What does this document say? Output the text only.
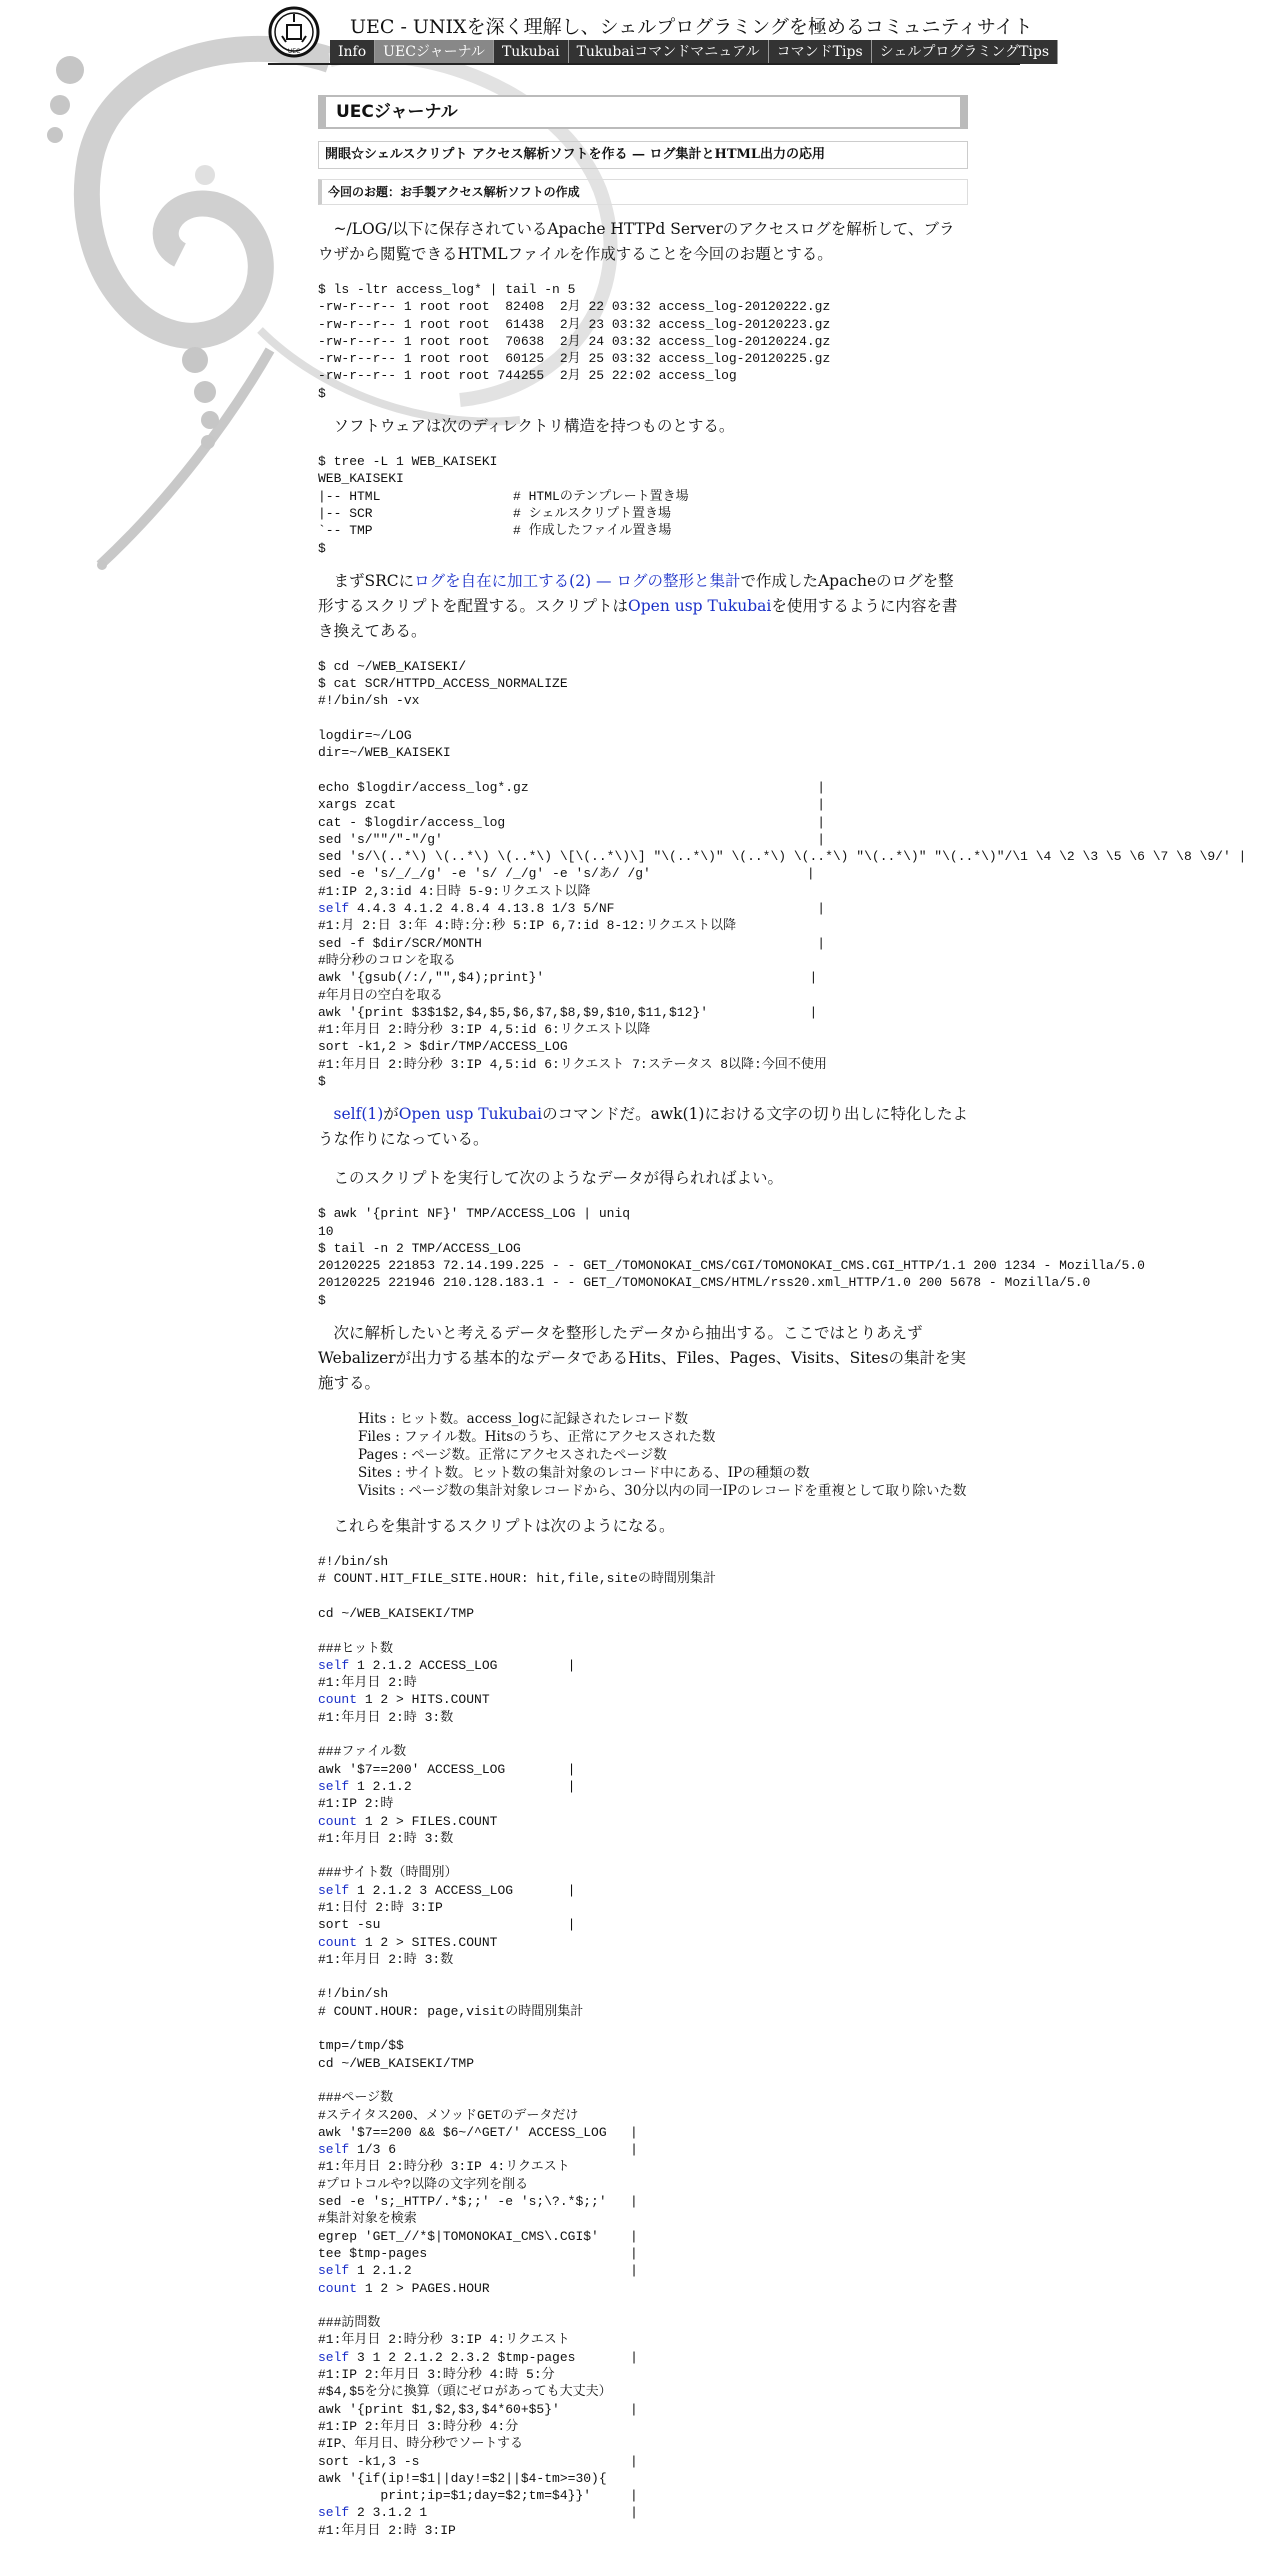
UEC
UEC - UNIXを深く理解し、シェルプログラミングを極めるコミュニティサイト
Info	UECジャーナル	Tukubai	Tukubaiコマンドマニュアル	コマンドTips	シェルプログラミングTips
UECジャーナル
開眼☆シェルスクリプト アクセス解析ソフトを作る — ログ集計とHTML出力の応用
今回のお題：お手製アクセス解析ソフトの作成

~/LOG/以下に保存されているApache HTTPd Serverのアクセスログを解析して、ブラウザから閲覧できるHTMLファイルを作成することを今回のお題とする。

$ ls -ltr access_log* | tail -n 5
-rw-r--r-- 1 root root  82408  2月 22 03:32 access_log-20120222.gz
-rw-r--r-- 1 root root  61438  2月 23 03:32 access_log-20120223.gz
-rw-r--r-- 1 root root  70638  2月 24 03:32 access_log-20120224.gz
-rw-r--r-- 1 root root  60125  2月 25 03:32 access_log-20120225.gz
-rw-r--r-- 1 root root 744255  2月 25 22:02 access_log
$

ソフトウェアは次のディレクトリ構造を持つものとする。

$ tree -L 1 WEB_KAISEKI
WEB_KAISEKI
|-- HTML                 # HTMLのテンプレート置き場
|-- SCR                  # シェルスクリプト置き場
`-- TMP                  # 作成したファイル置き場
$

まずSRCにログを自在に加工する(2) — ログの整形と集計で作成したApacheのログを整形するスクリプトを配置する。スクリプトはOpen usp Tukubaiを使用するように内容を書き換えてある。

$ cd ~/WEB_KAISEKI/
$ cat SCR/HTTPD_ACCESS_NORMALIZE
#!/bin/sh -vx
logdir=~/LOG
dir=~/WEB_KAISEKI
echo $logdir/access_log*.gz                                     |
xargs zcat                                                      |
cat - $logdir/access_log                                        |
sed 's/""/"-"/g'                                                |
sed 's/\(..*\) \(..*\) \(..*\) \[\(..*\)\] "\(..*\)" \(..*\) \(..*\) "\(..*\)" "\(..*\)"/\1 \4 \2 \3 \5 \6 \7 \8 \9/' |
sed -e 's/_/_/g' -e 's/ /_/g' -e 's/あ/ /g'                    |
#1:IP 2,3:id 4:日時 5-9:リクエスト以降
self 4.4.3 4.1.2 4.8.4 4.13.8 1/3 5/NF                          |
#1:月 2:日 3:年 4:時:分:秒 5:IP 6,7:id 8-12:リクエスト以降
sed -f $dir/SCR/MONTH                                           |
#時分秒のコロンを取る
awk '{gsub(/:/,"",$4);print}'                                  |
#年月日の空白を取る
awk '{print $3$1$2,$4,$5,$6,$7,$8,$9,$10,$11,$12}'             |
#1:年月日 2:時分秒 3:IP 4,5:id 6:リクエスト以降
sort -k1,2 > $dir/TMP/ACCESS_LOG
#1:年月日 2:時分秒 3:IP 4,5:id 6:リクエスト 7:ステータス 8以降:今回不使用
$

self(1)がOpen usp Tukubaiのコマンドだ。awk(1)における文字の切り出しに特化したような作りになっている。

このスクリプトを実行して次のようなデータが得られればよい。

$ awk '{print NF}' TMP/ACCESS_LOG | uniq
10
$ tail -n 2 TMP/ACCESS_LOG
20120225 221853 72.14.199.225 - - GET_/TOMONOKAI_CMS/CGI/TOMONOKAI_CMS.CGI_HTTP/1.1 200 1234 - Mozilla/5.0
20120225 221946 210.128.183.1 - - GET_/TOMONOKAI_CMS/HTML/rss20.xml_HTTP/1.0 200 5678 - Mozilla/5.0
$

次に解析したいと考えるデータを整形したデータから抽出する。ここではとりあえずWebalizerが出力する基本的なデータであるHits、Files、Pages、Visits、Sitesの集計を実施する。

Hits : ヒット数。access_logに記録されたレコード数
Files : ファイル数。Hitsのうち、正常にアクセスされた数
Pages : ページ数。正常にアクセスされたページ数
Sites : サイト数。ヒット数の集計対象のレコード中にある、IPの種類の数
Visits : ページ数の集計対象レコードから、30分以内の同一IPのレコードを重複として取り除いた数

これらを集計するスクリプトは次のようになる。

#!/bin/sh
# COUNT.HIT_FILE_SITE.HOUR: hit,file,siteの時間別集計
cd ~/WEB_KAISEKI/TMP
###ヒット数
self 1 2.1.2 ACCESS_LOG         |
#1:年月日 2:時
count 1 2 > HITS.COUNT
#1:年月日 2:時 3:数
###ファイル数
awk '$7==200' ACCESS_LOG        |
self 1 2.1.2                    |
#1:IP 2:時
count 1 2 > FILES.COUNT
#1:年月日 2:時 3:数
###サイト数（時間別）
self 1 2.1.2 3 ACCESS_LOG       |
#1:日付 2:時 3:IP
sort -su                        |
count 1 2 > SITES.COUNT
#1:年月日 2:時 3:数
#!/bin/sh
# COUNT.HOUR: page,visitの時間別集計
tmp=/tmp/$$
cd ~/WEB_KAISEKI/TMP
###ページ数
#ステイタス200、メソッドGETのデータだけ
awk '$7==200 && $6~/^GET/' ACCESS_LOG   |
self 1/3 6                              |
#1:年月日 2:時分秒 3:IP 4:リクエスト
#プロトコルや?以降の文字列を削る
sed -e 's;_HTTP/.*$;;' -e 's;\?.*$;;'   |
#集計対象を検索
egrep 'GET_//*$|TOMONOKAI_CMS\.CGI$'    |
tee $tmp-pages                          |
self 1 2.1.2                            |
count 1 2 > PAGES.HOUR
###訪問数
#1:年月日 2:時分秒 3:IP 4:リクエスト
self 3 1 2 2.1.2 2.3.2 $tmp-pages       |
#1:IP 2:年月日 3:時分秒 4:時 5:分
#$4,$5を分に換算（頭にゼロがあっても大丈夫）
awk '{print $1,$2,$3,$4*60+$5}'         |
#1:IP 2:年月日 3:時分秒 4:分
#IP、年月日、時分秒でソートする
sort -k1,3 -s                           |
awk '{if(ip!=$1||day!=$2||$4-tm>=30){
print;ip=$1;day=$2;tm=$4}}'     |
self 2 3.1.2 1                          |
#1:年月日 2:時 3:IP
